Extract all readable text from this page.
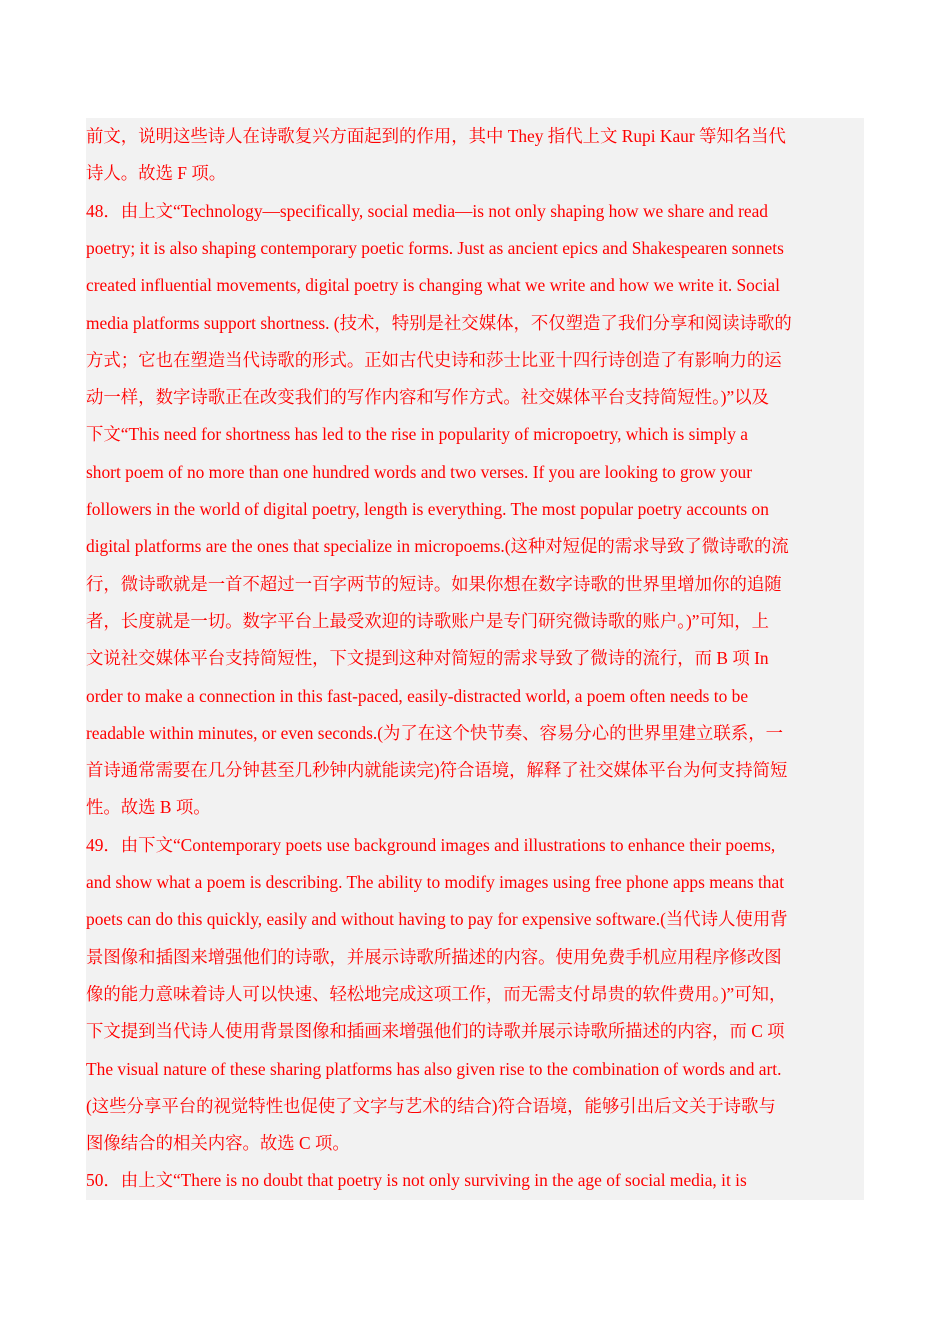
前文，说明这些诗人在诗歌复兴方面起到的作用，其中 They 指代上文 Rupi Kaur 等知名当代
诗人。故选 F 项。
48．由上文“Technology—specifically, social media—is not only shaping how we share and read
poetry; it is also shaping contemporary poetic forms. Just as ancient epics and Shakespearen sonnets
created influential movements, digital poetry is changing what we write and how we write it. Social
media platforms support shortness. (技术，特别是社交媒体，不仅塑造了我们分享和阅读诗歌的
方式；它也在塑造当代诗歌的形式。正如古代史诗和莎士比亚十四行诗创造了有影响力的运
动一样，数字诗歌正在改变我们的写作内容和写作方式。社交媒体平台支持简短性。)”以及
下文“This need for shortness has led to the rise in popularity of micropoetry, which is simply a
short poem of no more than one hundred words and two verses. If you are looking to grow your
followers in the world of digital poetry, length is everything. The most popular poetry accounts on
digital platforms are the ones that specialize in micropoems.(这种对短促的需求导致了微诗歌的流
行，微诗歌就是一首不超过一百字两节的短诗。如果你想在数字诗歌的世界里增加你的追随
者，长度就是一切。数字平台上最受欢迎的诗歌账户是专门研究微诗歌的账户。)”可知，上
文说社交媒体平台支持简短性，下文提到这种对简短的需求导致了微诗的流行，而 B 项 In
order to make a connection in this fast-paced, easily-distracted world, a poem often needs to be
readable within minutes, or even seconds.(为了在这个快节奏、容易分心的世界里建立联系，一
首诗通常需要在几分钟甚至几秒钟内就能读完)符合语境，解释了社交媒体平台为何支持简短
性。故选 B 项。
49．由下文“Contemporary poets use background images and illustrations to enhance their poems,
and show what a poem is describing. The ability to modify images using free phone apps means that
poets can do this quickly, easily and without having to pay for expensive software.(当代诗人使用背
景图像和插图来增强他们的诗歌，并展示诗歌所描述的内容。使用免费手机应用程序修改图
像的能力意味着诗人可以快速、轻松地完成这项工作，而无需支付昂贵的软件费用。)”可知，
下文提到当代诗人使用背景图像和插画来增强他们的诗歌并展示诗歌所描述的内容，而 C 项
The visual nature of these sharing platforms has also given rise to the combination of words and art.
(这些分享平台的视觉特性也促使了文字与艺术的结合)符合语境，能够引出后文关于诗歌与
图像结合的相关内容。故选 C 项。
50．由上文“There is no doubt that poetry is not only surviving in the age of social media, it is
